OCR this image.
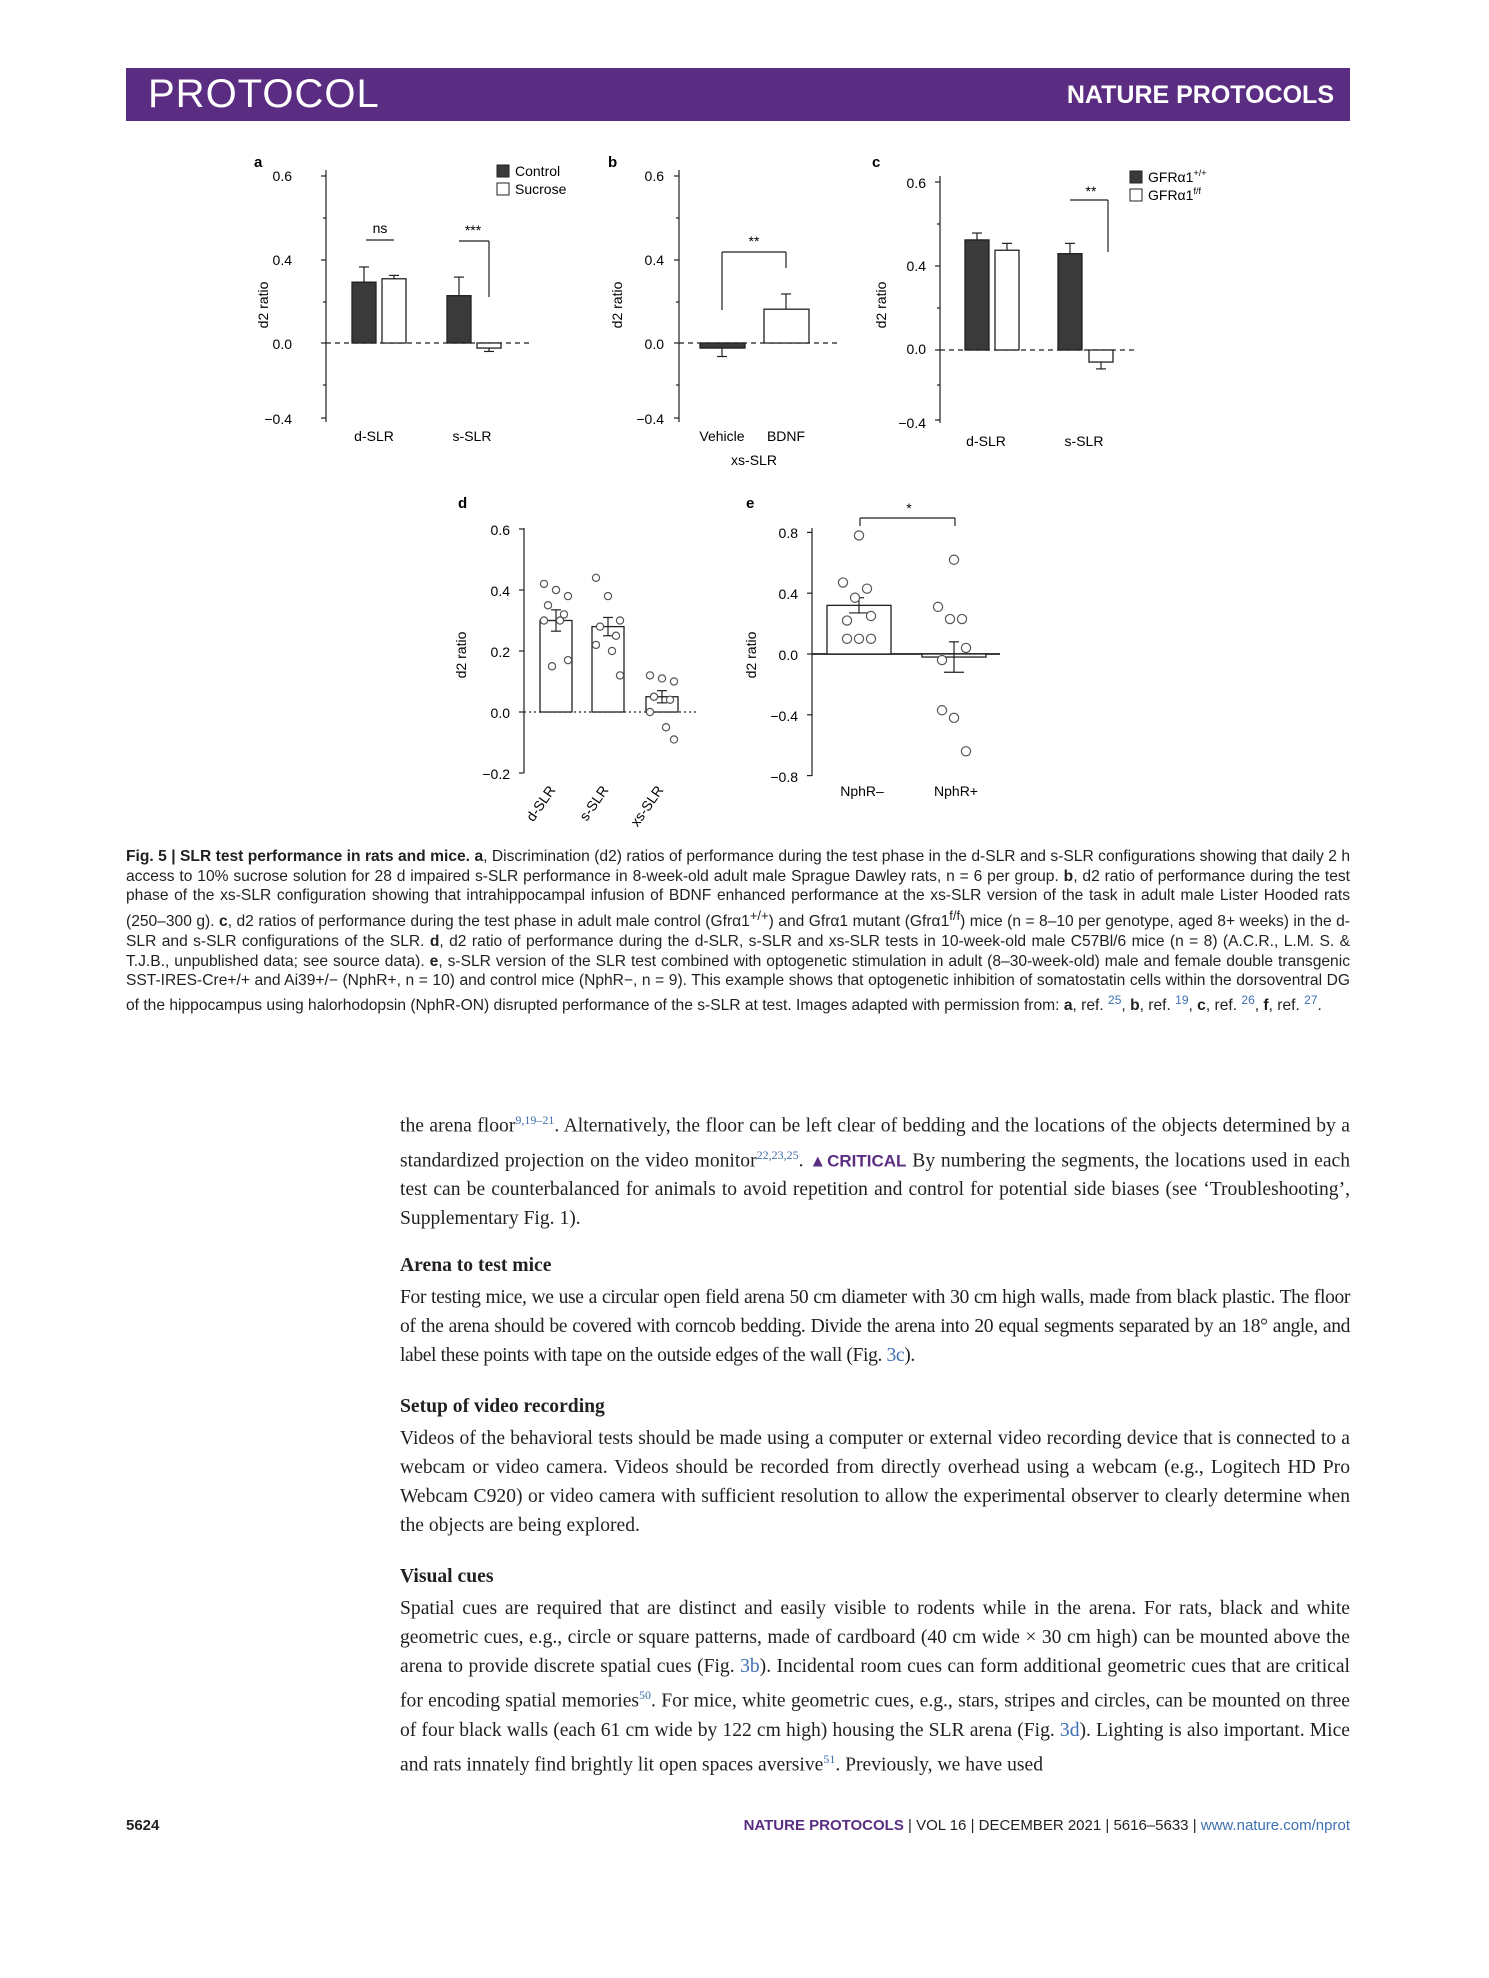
PROTOCOL	NATURE PROTOCOLS
a
0.6
0.4
0.0
−0.4
d2 ratio
d-SLR	s-SLR
ns	***
Control
Sucrose
b
0.6
0.4
0.0
−0.4
d2 ratio
Vehicle BDNF
xs-SLR
**
c
0.6
0.4
0.0
−0.4
d2 ratio
d-SLR	s-SLR
**
GFRα1+/+
$GFR\alpha 1^{f/f}$
d
0.6
0.4
0.2
0.0
−0.2
d2 ratio
d-SLR s-SLR xs-SLR
e
0.8
0.4
0.0
−0.4
−0.8
d2 ratio
NphR–	NphR+
*
Fig. 5 | SLR test performance in rats and mice. a, Discrimination (d2) ratios of performance during the test phase in the d-SLR and s-SLR configurations showing that daily 2 h access to 10% sucrose solution for 28 d impaired s-SLR performance in 8-week-old adult male Sprague Dawley rats, n = 6 per group. b, d2 ratio of performance during the test phase of the xs-SLR configuration showing that intrahippocampal infusion of BDNF enhanced performance at the xs-SLR version of the task in adult male Lister Hooded rats (250–300 g). c, d2 ratios of performance during the test phase in adult male control (Gfrα1+/+) and Gfrα1 mutant $(Gfr\alpha 1^{f/f})$ mice (n = 8–10 per genotype, aged 8+ weeks) in the d-SLR and s-SLR configurations of the SLR. d, d2 ratio of performance during the d-SLR, s-SLR and xs-SLR tests in 10-week-old male C57Bl/6 mice (n = 8) (A.C.R., L.M. S. & T.J.B., unpublished data; see source data). e, s-SLR version of the SLR test combined with optogenetic stimulation in adult (8–30-week-old) male and female double transgenic SST-IRES-Cre+/+ and Ai39+/− (NphR+, n = 10) and control mice (NphR−, n = 9). This example shows that optogenetic inhibition of somatostatin cells within the dorsoventral DG of the hippocampus using halorhodopsin (NphR-ON) disrupted performance of the s-SLR at test. Images adapted with permission from: a, ref. $^{25}$, b, ref. $^{19}$, c, ref. $^{26}$, f, ref. $^{27}$.
the arena floor$^{9,19-21}$. Alternatively, the floor can be left clear of bedding and the locations of the objects determined by a standardized projection on the video monitor$^{22,23,25}$. ▲CRITICAL By numbering the segments, the locations used in each test can be counterbalanced for animals to avoid repetition and control for potential side biases (see ‘Troubleshooting’, Supplementary Fig. 1).
Arena to test mice
For testing mice, we use a circular open field arena 50 cm diameter with 30 cm high walls, made from black plastic. The floor of the arena should be covered with corncob bedding. Divide the arena into 20 equal segments separated by an 18° angle, and label these points with tape on the outside edges of the wall (Fig. 3c).
Setup of video recording
Videos of the behavioral tests should be made using a computer or external video recording device that is connected to a webcam or video camera. Videos should be recorded from directly overhead using a webcam (e.g., Logitech HD Pro Webcam C920) or video camera with sufficient resolution to allow the experimental observer to clearly determine when the objects are being explored.
Visual cues
Spatial cues are required that are distinct and easily visible to rodents while in the arena. For rats, black and white geometric cues, e.g., circle or square patterns, made of cardboard (40 cm wide × 30 cm high) can be mounted above the arena to provide discrete spatial cues (Fig. 3b). Incidental room cues can form additional geometric cues that are critical for encoding spatial memories$^{50}$. For mice, white geometric cues, e.g., stars, stripes and circles, can be mounted on three of four black walls (each 61 cm wide by 122 cm high) housing the SLR arena (Fig. 3d). Lighting is also important. Mice and rats innately find brightly lit open spaces aversive$^{51}$. Previously, we have used
5624	NATURE PROTOCOLS | VOL 16 | DECEMBER 2021 | 5616–5633 | www.nature.com/nprot
